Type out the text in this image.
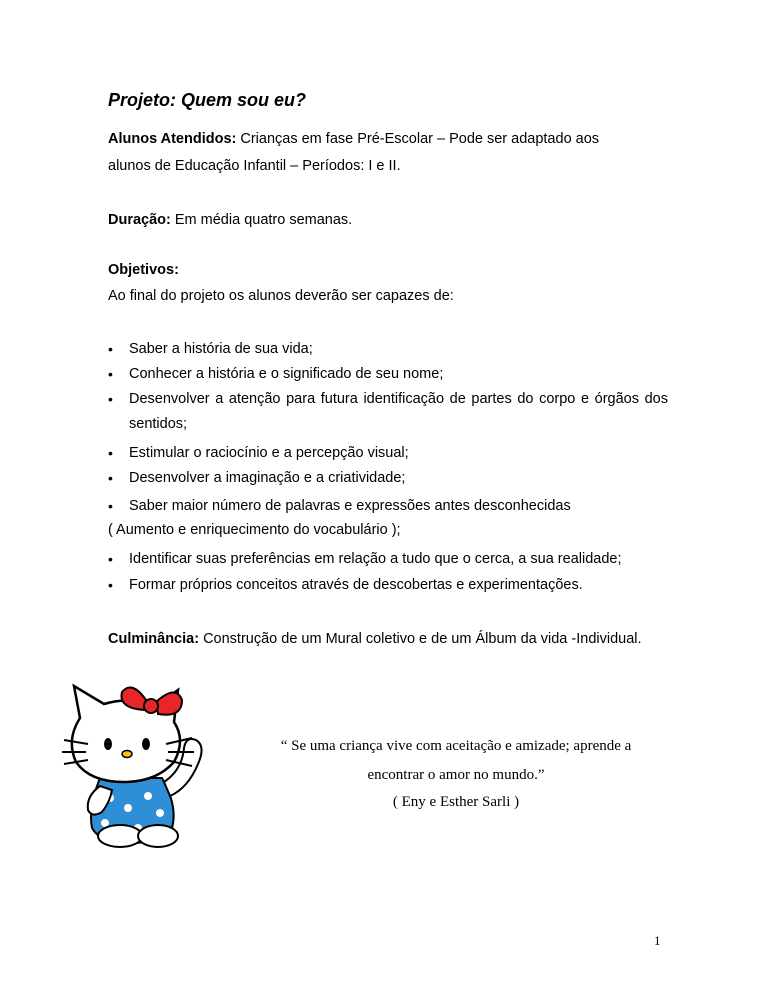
Projeto: Quem sou eu?
Alunos Atendidos: Crianças em fase Pré-Escolar – Pode ser adaptado aos
alunos de Educação Infantil – Períodos: I e II.
Duração: Em média quatro semanas.
Objetivos:
Ao final do projeto os alunos deverão ser capazes de:
•	Saber a história de sua vida;
•	Conhecer a história e o significado de seu nome;
•	Desenvolver a atenção para futura identificação de partes do corpo e órgãos dos sentidos;
•	Estimular o raciocínio e a percepção visual;
•	Desenvolver a imaginação e a criatividade;
•	Saber maior número de palavras e expressões antes desconhecidas
( Aumento e enriquecimento do vocabulário );
•	Identificar suas preferências em relação a tudo que o cerca, a sua realidade;
•	Formar próprios conceitos através de descobertas e experimentações.
Culminância: Construção de um Mural coletivo e de um Álbum da vida -Individual.
“ Se uma criança vive com aceitação e amizade; aprende a
encontrar o amor no mundo.”
( Eny e Esther Sarli )
1
